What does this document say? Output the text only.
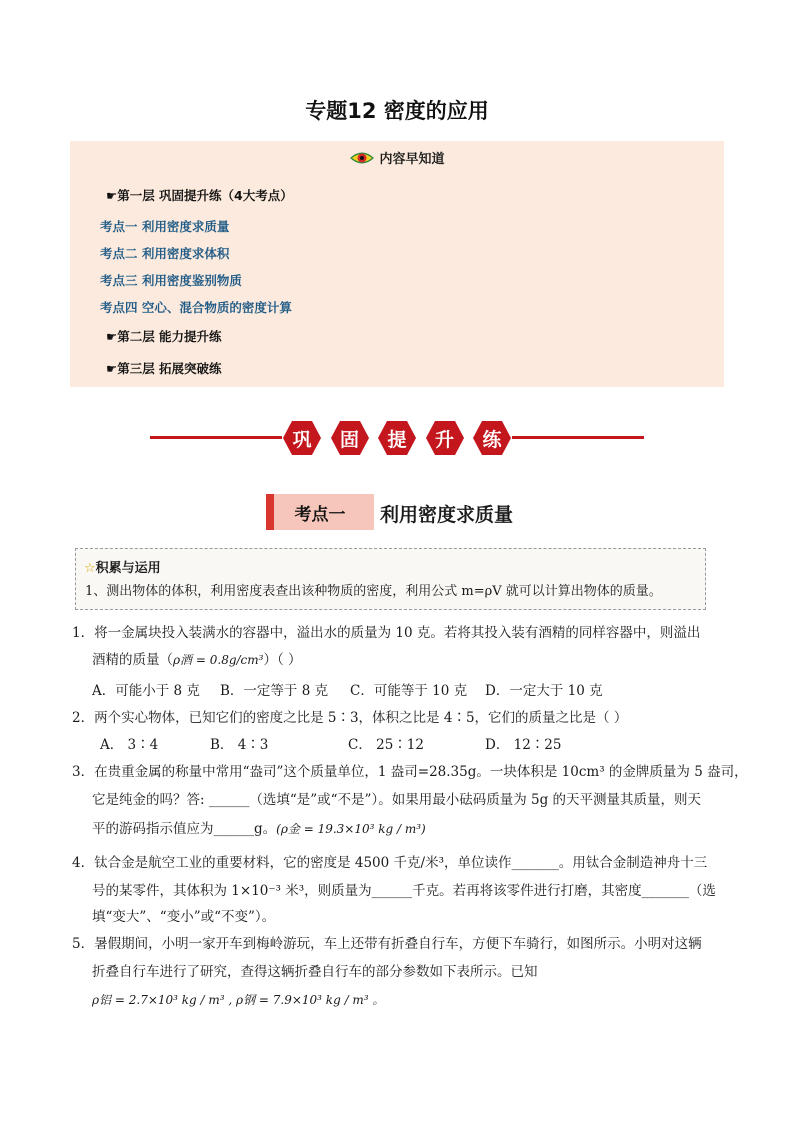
专题12 密度的应用
内容早知道
☛第一层 巩固提升练（4大考点）
考点一 利用密度求质量
考点二 利用密度求体积
考点三 利用密度鉴别物质
考点四 空心、混合物质的密度计算
☛第二层 能力提升练
☛第三层 拓展突破练
巩 固 提 升 练
考点一	利用密度求质量
☆积累与运用
1、测出物体的体积，利用密度表查出该种物质的密度，利用公式 m=ρV 就可以计算出物体的质量。
1．将一金属块投入装满水的容器中，溢出水的质量为 10 克。若将其投入装有酒精的同样容器中，则溢出
酒精的质量（ρ酒 = 0.8g/cm³）（ ）
A．可能小于 8 克 B．一定等于 8 克 C．可能等于 10 克 D．一定大于 10 克
2．两个实心物体，已知它们的密度之比是 5∶3，体积之比是 4∶5，它们的质量之比是（ ）
A． 3∶4	B． 4∶3	C． 25∶12	D． 12∶25
3．在贵重金属的称量中常用“盎司”这个质量单位，1 盎司=28.35g。一块体积是 10cm³ 的金牌质量为 5 盎司，
它是纯金的吗？答: ______（选填“是”或“不是”）。如果用最小砝码质量为 5g 的天平测量其质量，则天
平的游码指示值应为______g。(ρ金 = 19.3×10³ kg / m³)
4．钛合金是航空工业的重要材料，它的密度是 4500 千克/米³，单位读作_______。用钛合金制造神舟十三
号的某零件，其体积为 1×10⁻³ 米³，则质量为______千克。若再将该零件进行打磨，其密度_______（选
填“变大”、“变小”或“不变”）。
5．暑假期间，小明一家开车到梅岭游玩，车上还带有折叠自行车，方便下车骑行，如图所示。小明对这辆
折叠自行车进行了研究，查得这辆折叠自行车的部分参数如下表所示。已知
ρ铝 = 2.7×10³ kg / m³ , ρ钢 = 7.9×10³ kg / m³ 。
